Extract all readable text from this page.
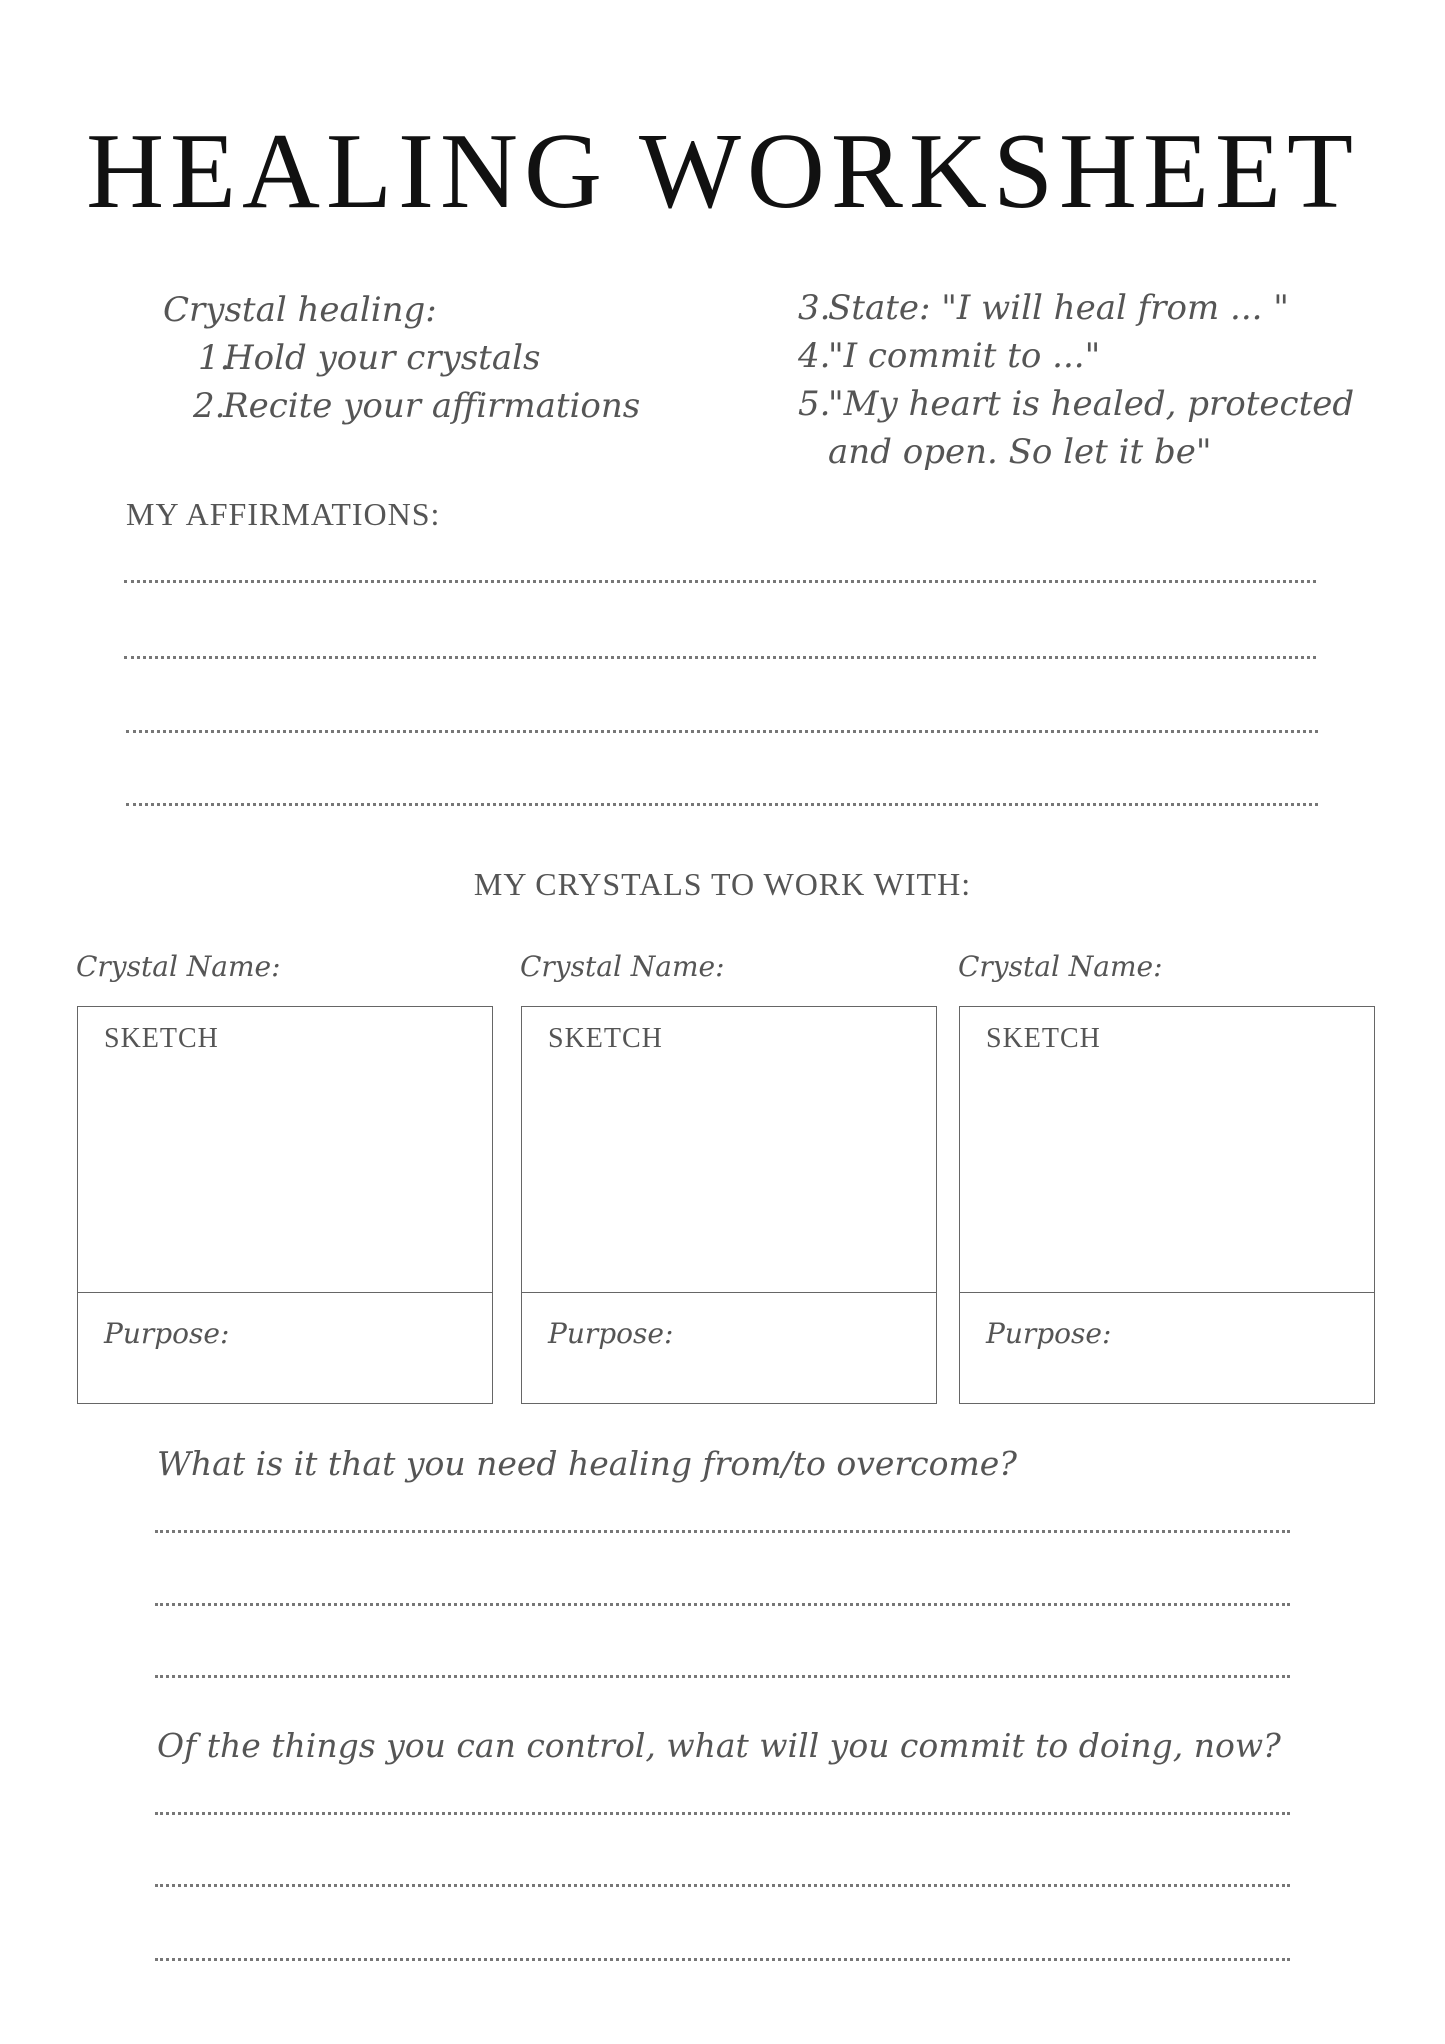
HEALING WORKSHEET
Crystal healing:
1.
Hold your crystals
2.
Recite your affirmations
3.
State: "I will heal from ... "
4.
"I commit to ..."
5.
"My heart is healed, protected
and open. So let it be"
MY AFFIRMATIONS:
MY CRYSTALS TO WORK WITH:
Crystal Name:
SKETCH
Purpose:
Crystal Name:
SKETCH
Purpose:
Crystal Name:
SKETCH
Purpose:
What is it that you need healing from/to overcome?
Of the things you can control, what will you commit to doing, now?
